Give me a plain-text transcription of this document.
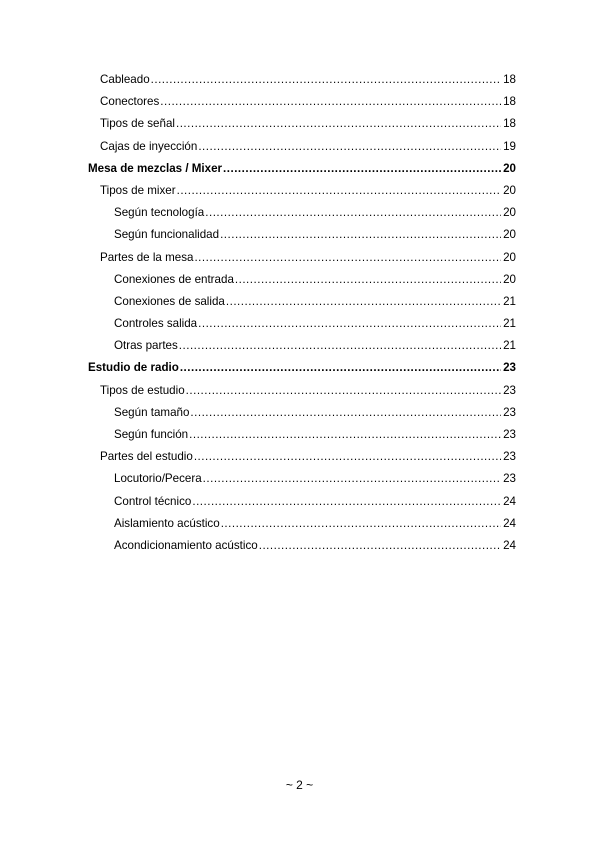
Cableado .....	18
Conectores .....	18
Tipos de señal .....	18
Cajas de inyección .....	19
Mesa de mezclas / Mixer .....	20
Tipos de mixer .....	20
Según tecnología .....	20
Según funcionalidad .....	20
Partes de la mesa .....	20
Conexiones de entrada .....	20
Conexiones de salida .....	21
Controles salida .....	21
Otras partes .....	21
Estudio de radio .....	23
Tipos de estudio .....	23
Según tamaño .....	23
Según función .....	23
Partes del estudio .....	23
Locutorio/Pecera .....	23
Control técnico .....	24
Aislamiento acústico .....	24
Acondicionamiento acústico .....	24
~ 2 ~
